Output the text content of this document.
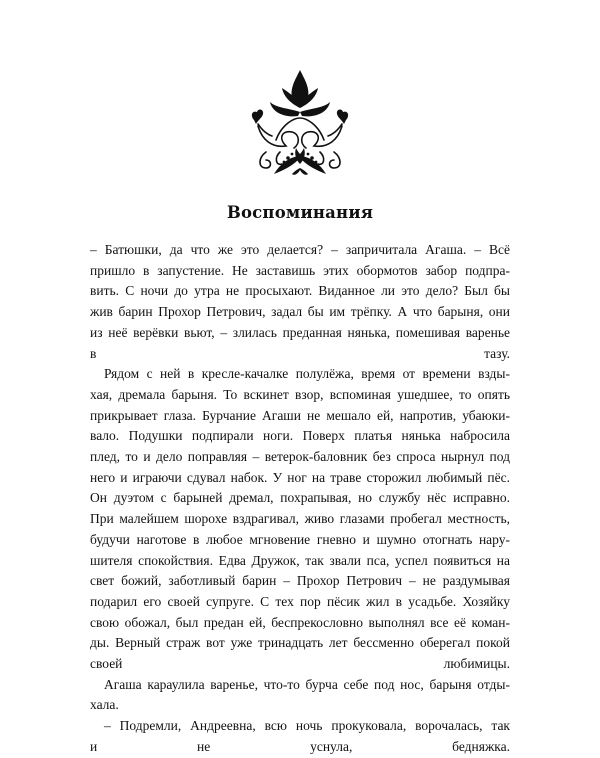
Воспоминания

– Батюшки, да что же это делается? – запричитала Агаша. – Всё
пришло в запустение. Не заставишь этих обормотов забор подпра-
вить. С ночи до утра не просыхают. Виданное ли это дело? Был бы
жив барин Прохор Петрович, задал бы им трёпку. А что барыня, они
из неё верёвки вьют, – злилась преданная нянька, помешивая варенье
в тазу.

Рядом с ней в кресле-качалке полулёжа, время от времени взды-
хая, дремала барыня. То вскинет взор, вспоминая ушедшее, то опять
прикрывает глаза. Бурчание Агаши не мешало ей, напротив, убаюки-
вало. Подушки подпирали ноги. Поверх платья нянька набросила
плед, то и дело поправляя – ветерок-баловник без спроса нырнул под
него и играючи сдувал набок. У ног на траве сторожил любимый пёс.
Он дуэтом с барыней дремал, похрапывая, но службу нёс исправно.
При малейшем шорохе вздрагивал, живо глазами пробегал местность,
будучи наготове в любое мгновение гневно и шумно отогнать нару-
шителя спокойствия. Едва Дружок, так звали пса, успел появиться на
свет божий, заботливый барин – Прохор Петрович – не раздумывая
подарил его своей супруге. С тех пор пёсик жил в усадьбе. Хозяйку
свою обожал, был предан ей, беспрекословно выполнял все её коман-
ды. Верный страж вот уже тринадцать лет бессменно оберегал покой
своей любимицы.

Агаша караулила варенье, что-то бурча себе под нос, барыня отды-
хала.

– Подремли, Андреевна, всю ночь прокуковала, ворочалась, так
и не уснула, бедняжка.
